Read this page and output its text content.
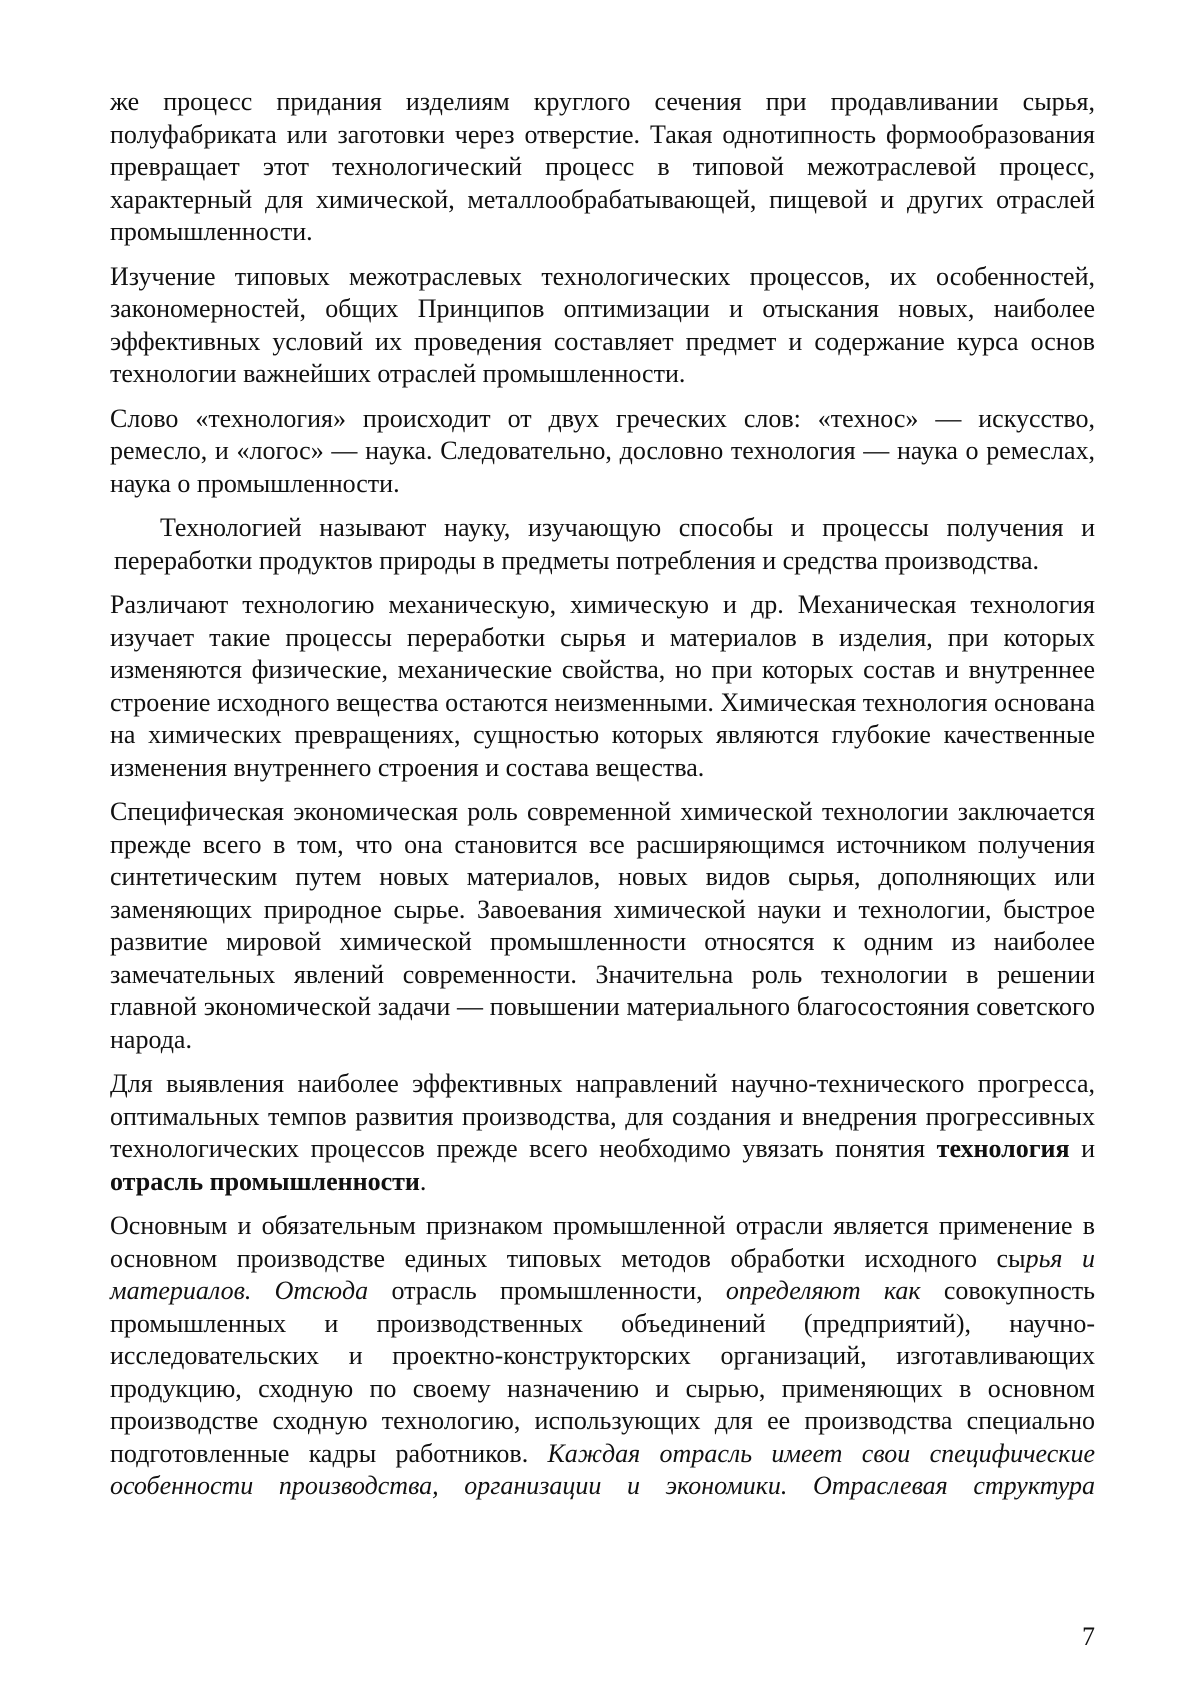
же процесс придания изделиям круглого сечения при продавливании сырья, полуфабриката или заготовки через отверстие. Такая однотипность формообразования превращает этот технологический процесс в типовой межотраслевой процесс, характерный для химической, металлообрабатывающей, пищевой и других отраслей промышленности.

Изучение типовых межотраслевых технологических процессов, их особенностей, закономерностей, общих Принципов оптимизации и отыскания новых, наиболее эффективных условий их проведения составляет предмет и содержание курса основ технологии важнейших отраслей промышленности.

Слово «технология» происходит от двух греческих слов: «технос» — искусство, ремесло, и «логос» — наука. Следовательно, дословно технология — наука о ремеслах, наука о промышленности.

Технологией называют науку, изучающую способы и процессы получения и переработки продуктов природы в предметы потребления и средства производства.

Различают технологию механическую, химическую и др. Механическая технология изучает такие процессы переработки сырья и материалов в изделия, при которых изменяются физические, механические свойства, но при которых состав и внутреннее строение исходного вещества остаются неизменными. Химическая технология основана на химических превращениях, сущностью которых являются глубокие качественные изменения внутреннего строения и состава вещества.

Специфическая экономическая роль современной химической технологии заключается прежде всего в том, что она становится все расширяющимся источником получения синтетическим путем новых материалов, новых видов сырья, дополняющих или заменяющих природное сырье. Завоевания химической науки и технологии, быстрое развитие мировой химической промышленности относятся к одним из наиболее замечательных явлений современности. Значительна роль технологии в решении главной экономической задачи — повышении материального благосостояния советского народа.

Для выявления наиболее эффективных направлений научно-технического прогресса, оптимальных темпов развития производства, для создания и внедрения прогрессивных технологических процессов прежде всего необходимо увязать понятия технология и отрасль промышленности.

Основным и обязательным признаком промышленной отрасли является применение в основном производстве единых типовых методов обработки исходного сырья и материалов. Отсюда отрасль промышленности, определяют как совокупность промышленных и производственных объединений (предприятий), научно-исследовательских и проектно-конструкторских организаций, изготавливающих продукцию, сходную по своему назначению и сырью, применяющих в основном производстве сходную технологию, использующих для ее производства специально подготовленные кадры работников. Каждая отрасль имеет свои специфические особенности производства, организации и экономики. Отраслевая структура

7
